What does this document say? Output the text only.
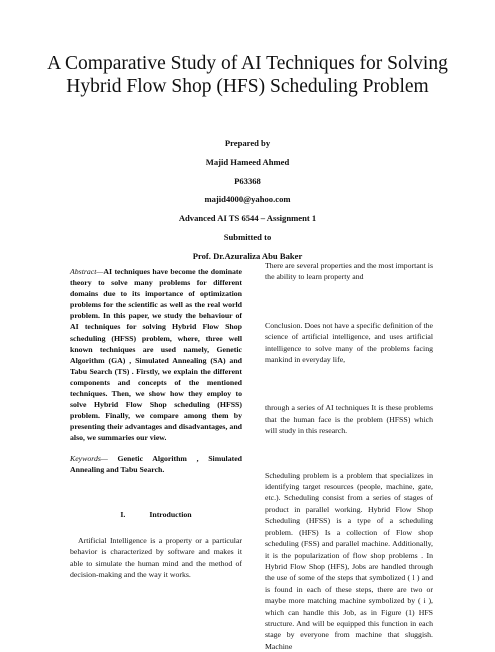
A Comparative Study of AI Techniques for Solving Hybrid Flow Shop (HFS) Scheduling Problem
Prepared by
Majid Hameed Ahmed
P63368
majid4000@yahoo.com
Advanced AI TS 6544 – Assignment 1
Submitted to
Prof. Dr.Azuraliza Abu Baker

Abstract—AI techniques have become the dominate theory to solve many problems for different domains due to its importance of optimization problems for the scientific as well as the real world problem. In this paper, we study the behaviour of AI techniques for solving Hybrid Flow Shop scheduling (HFSS) problem, where, three well known techniques are used namely, Genetic Algorithm (GA) , Simulated Annealing (SA) and Tabu Search (TS) . Firstly, we explain the different components and concepts of the mentioned techniques. Then, we show how they employ to solve Hybrid Flow Shop scheduling (HFSS) problem. Finally, we compare among them by presenting their advantages and disadvantages, and also, we summaries our view.

Keywords— Genetic Algorithm , Simulated Annealing and Tabu Search.

I.	Introduction

Artificial Intelligence is a property or a particular behavior is characterized by software and makes it able to simulate the human mind and the method of decision-making and the way it works.

There are several properties and the most important is the ability to learn property and

Conclusion. Does not have a specific definition of the science of artificial intelligence, and uses artificial intelligence to solve many of the problems facing mankind in everyday life,

through a series of AI techniques It is these problems that the human face is the problem (HFSS) which will study in this research.

Scheduling problem is a problem that specializes in identifying target resources (people, machine, gate, etc.). Scheduling consist from a series of stages of product in parallel working. Hybrid Flow Shop Scheduling (HFSS) is a type of a scheduling problem. (HFS) Is a collection of Flow shop scheduling (FSS) and parallel machine. Additionally, it is the popularization of flow shop problems . In Hybrid Flow Shop (HFS), Jobs are handled through the use of some of the steps that symbolized ( l ) and is found in each of these steps, there are two or maybe more matching machine symbolized by ( i ), which can handle this Job, as in Figure (1) HFS structure. And will be equipped this function in each stage by everyone from machine that sluggish. Machine
